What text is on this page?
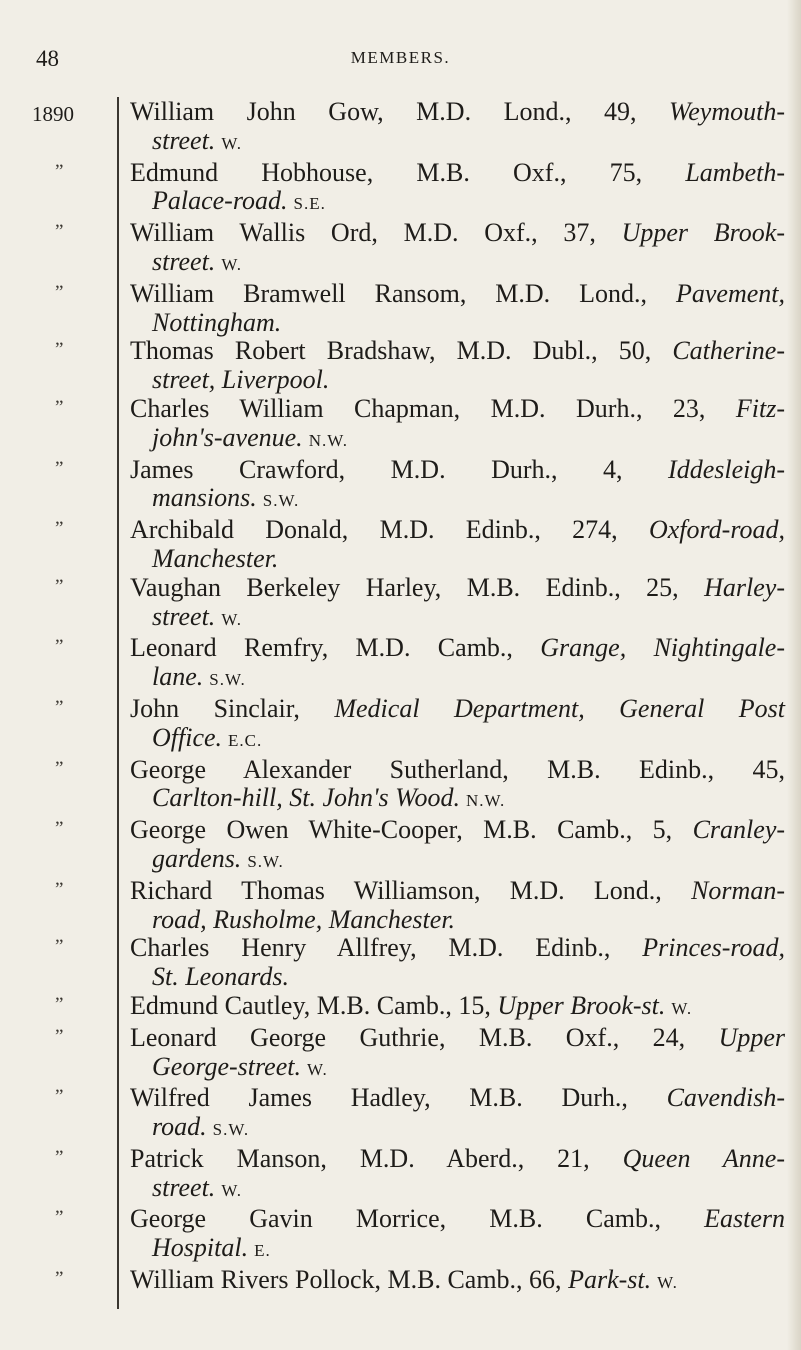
48	MEMBERS.
1890	William John Gow, M.D. Lond., 49, Weymouth-
street. W.
”	Edmund Hobhouse, M.B. Oxf., 75, Lambeth-
Palace-road. S.E.
”	William Wallis Ord, M.D. Oxf., 37, Upper Brook-
street. W.
”	William Bramwell Ransom, M.D. Lond., Pavement,
Nottingham.
”	Thomas Robert Bradshaw, M.D. Dubl., 50, Catherine-
street, Liverpool.
”	Charles William Chapman, M.D. Durh., 23, Fitz-
john's-avenue. N.W.
”	James Crawford, M.D. Durh., 4, Iddesleigh-
mansions. S.W.
”	Archibald Donald, M.D. Edinb., 274, Oxford-road,
Manchester.
”	Vaughan Berkeley Harley, M.B. Edinb., 25, Harley-
street. W.
”	Leonard Remfry, M.D. Camb., Grange, Nightingale-
lane. S.W.
”	John Sinclair, Medical Department, General Post
Office. E.C.
”	George Alexander Sutherland, M.B. Edinb., 45,
Carlton-hill, St. John's Wood. N.W.
”	George Owen White-Cooper, M.B. Camb., 5, Cranley-
gardens. S.W.
”	Richard Thomas Williamson, M.D. Lond., Norman-
road, Rusholme, Manchester.
”	Charles Henry Allfrey, M.D. Edinb., Princes-road,
St. Leonards.
”	Edmund Cautley, M.B. Camb., 15, Upper Brook-st. W.
”	Leonard George Guthrie, M.B. Oxf., 24, Upper
George-street. W.
”	Wilfred James Hadley, M.B. Durh., Cavendish-
road. S.W.
”	Patrick Manson, M.D. Aberd., 21, Queen Anne-
street. W.
”	George Gavin Morrice, M.B. Camb., Eastern
Hospital. E.
”	William Rivers Pollock, M.B. Camb., 66, Park-st. W.
